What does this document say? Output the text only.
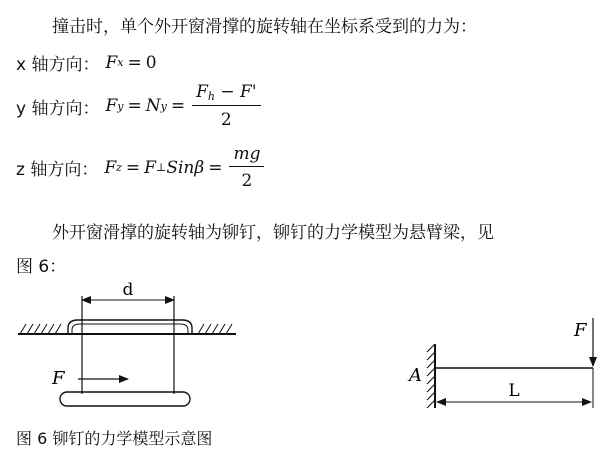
撞击时，单个外开窗滑撑的旋转轴在坐标系受到的力为：
x 轴方向： F x = 0
y 轴方向： F y = N $y = \frac{F_h - F'}{2}$
z 轴方向： F z = F ⊥ $Sin\beta = \frac{mg}{2}$
外开窗滑撑的旋转轴为铆钉，铆钉的力学模型为悬臂梁，见
图 6：
d
F	A
F
L
图 6 铆钉的力学模型示意图
